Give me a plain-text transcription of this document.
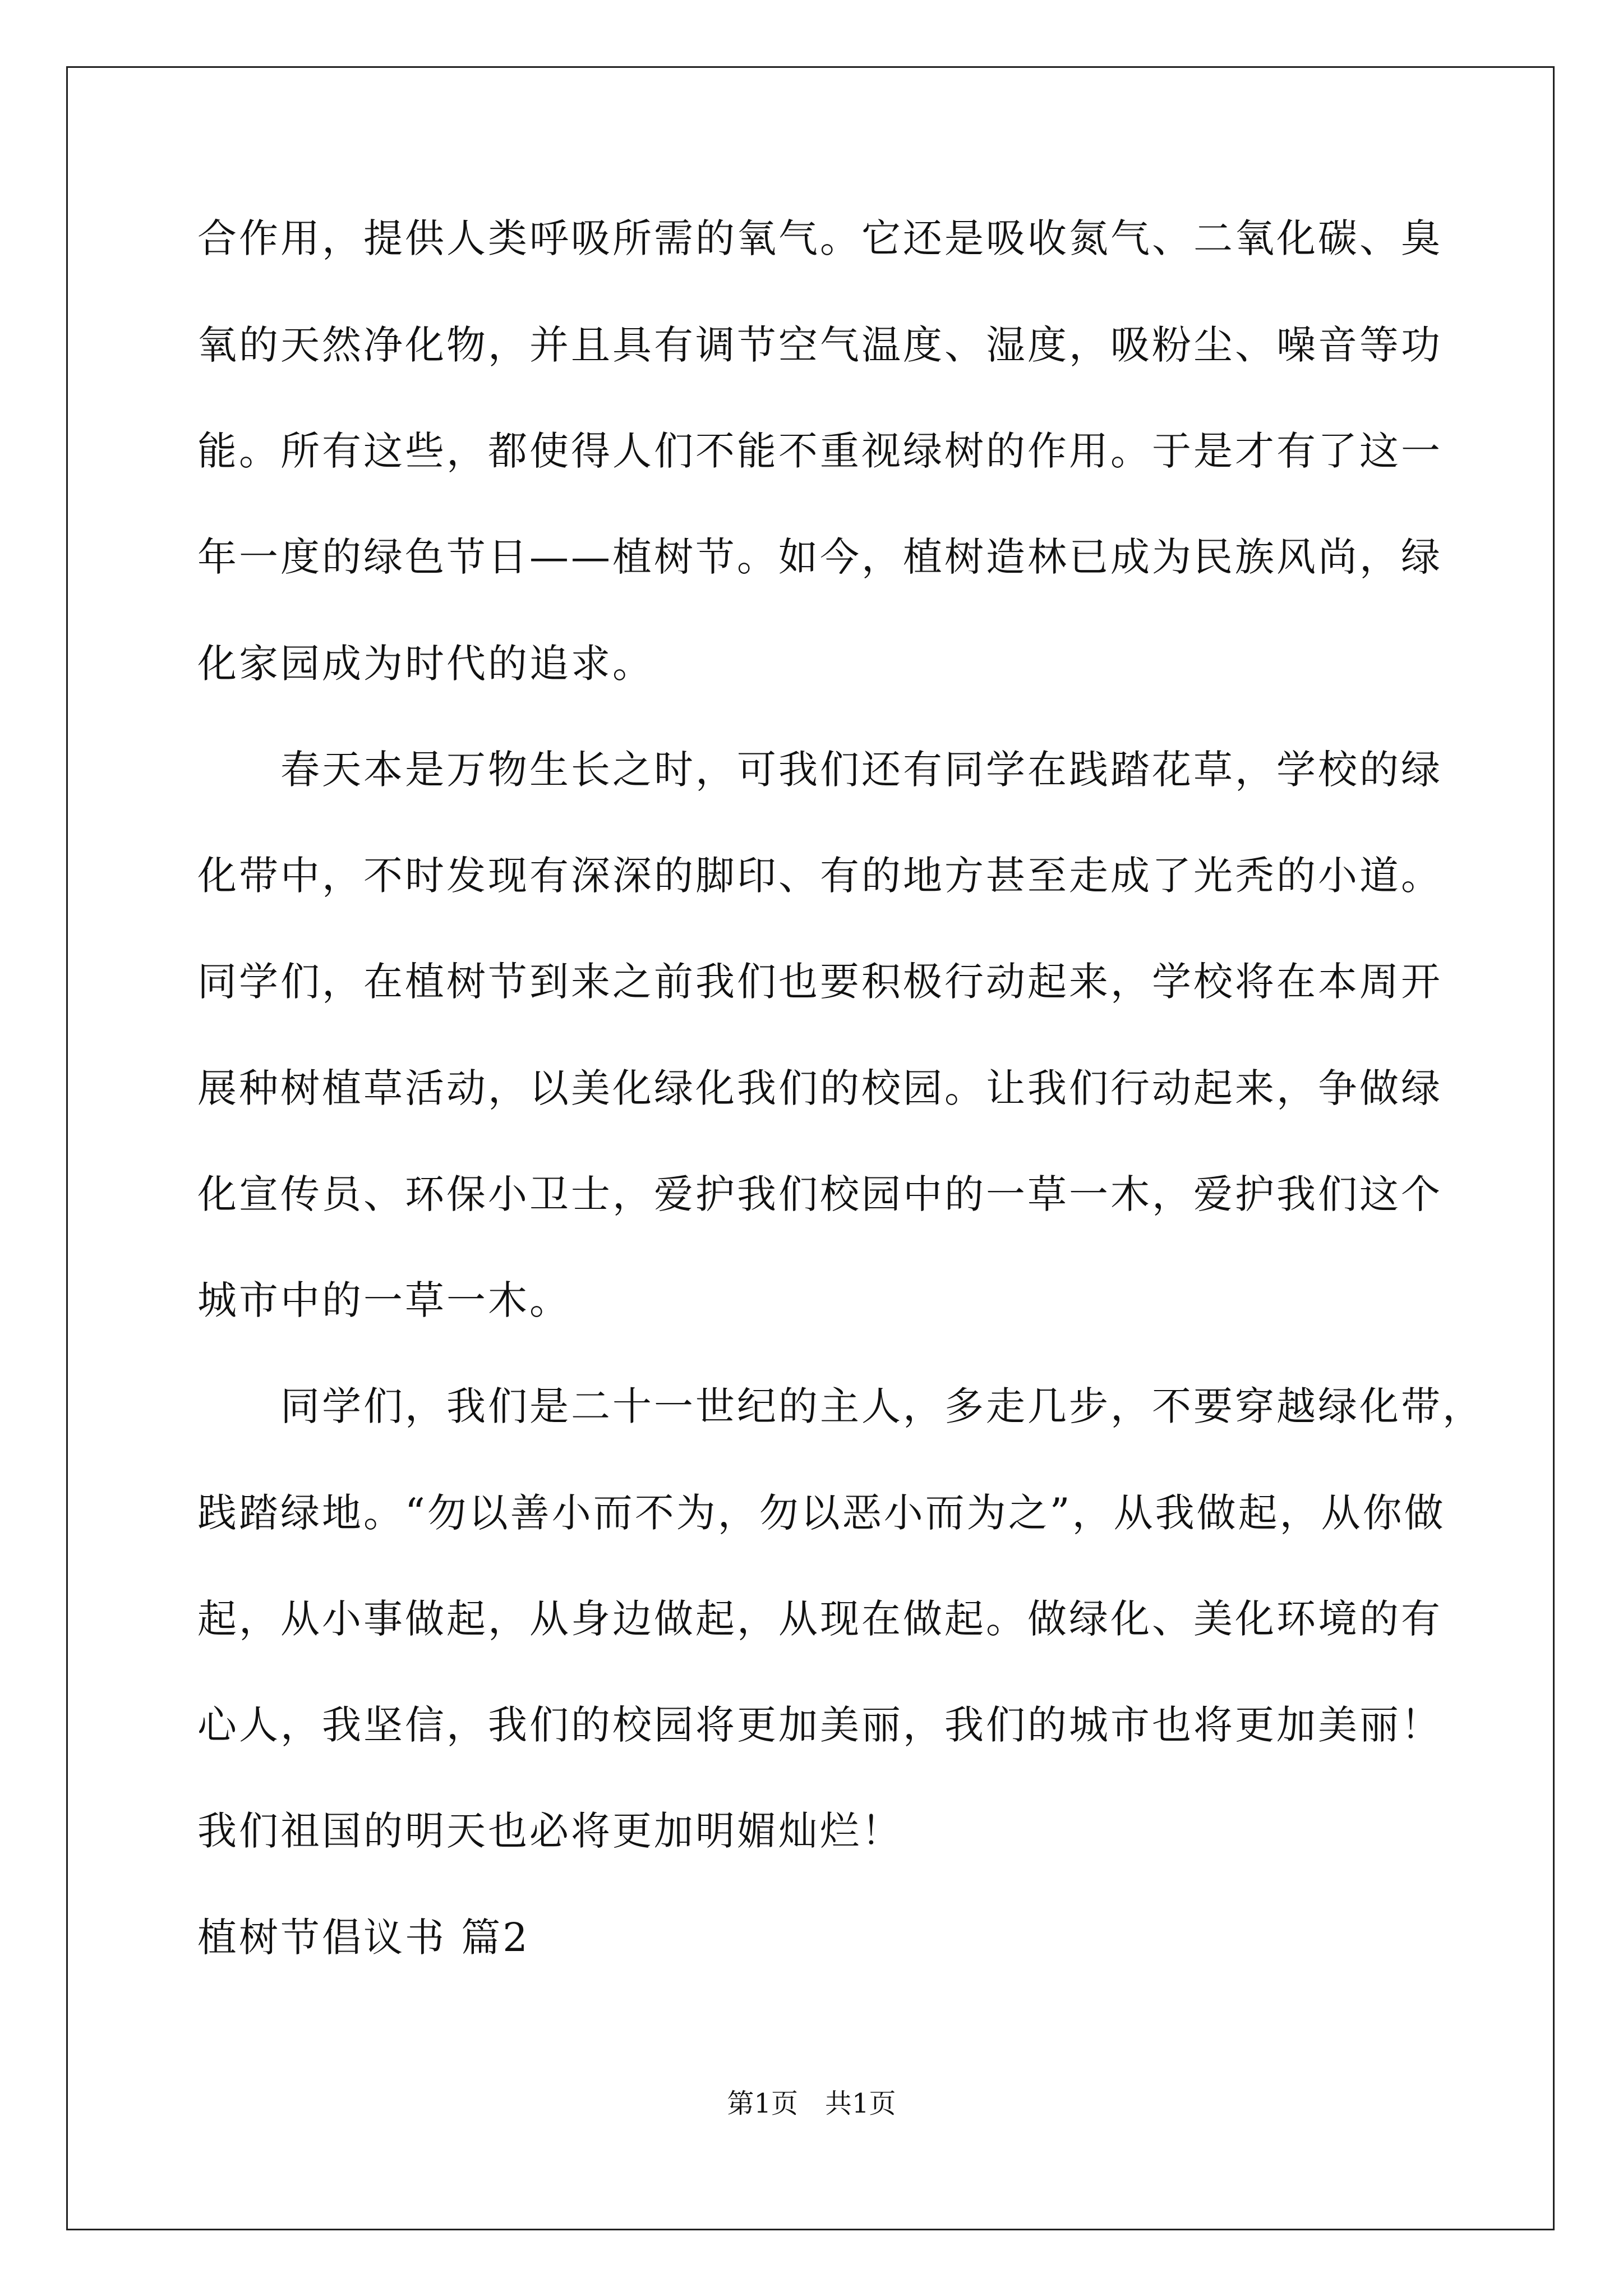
合作用，提供人类呼吸所需的氧气。它还是吸收氮气、二氧化碳、臭
氧的天然净化物，并且具有调节空气温度、湿度，吸粉尘、噪音等功
能。所有这些，都使得人们不能不重视绿树的作用。于是才有了这一
年一度的绿色节日——植树节。如今，植树造林已成为民族风尚，绿
化家园成为时代的追求。
春天本是万物生长之时，可我们还有同学在践踏花草，学校的绿
化带中，不时发现有深深的脚印、有的地方甚至走成了光秃的小道。
同学们，在植树节到来之前我们也要积极行动起来，学校将在本周开
展种树植草活动，以美化绿化我们的校园。让我们行动起来，争做绿
化宣传员、环保小卫士，爱护我们校园中的一草一木，爱护我们这个
城市中的一草一木。
同学们，我们是二十一世纪的主人，多走几步，不要穿越绿化带，
践踏绿地。“勿以善小而不为，勿以恶小而为之”，从我做起，从你做
起，从小事做起，从身边做起，从现在做起。做绿化、美化环境的有
心人，我坚信，我们的校园将更加美丽，我们的城市也将更加美丽！
我们祖国的明天也必将更加明媚灿烂！
植树节倡议书 篇2
第1页　共1页
